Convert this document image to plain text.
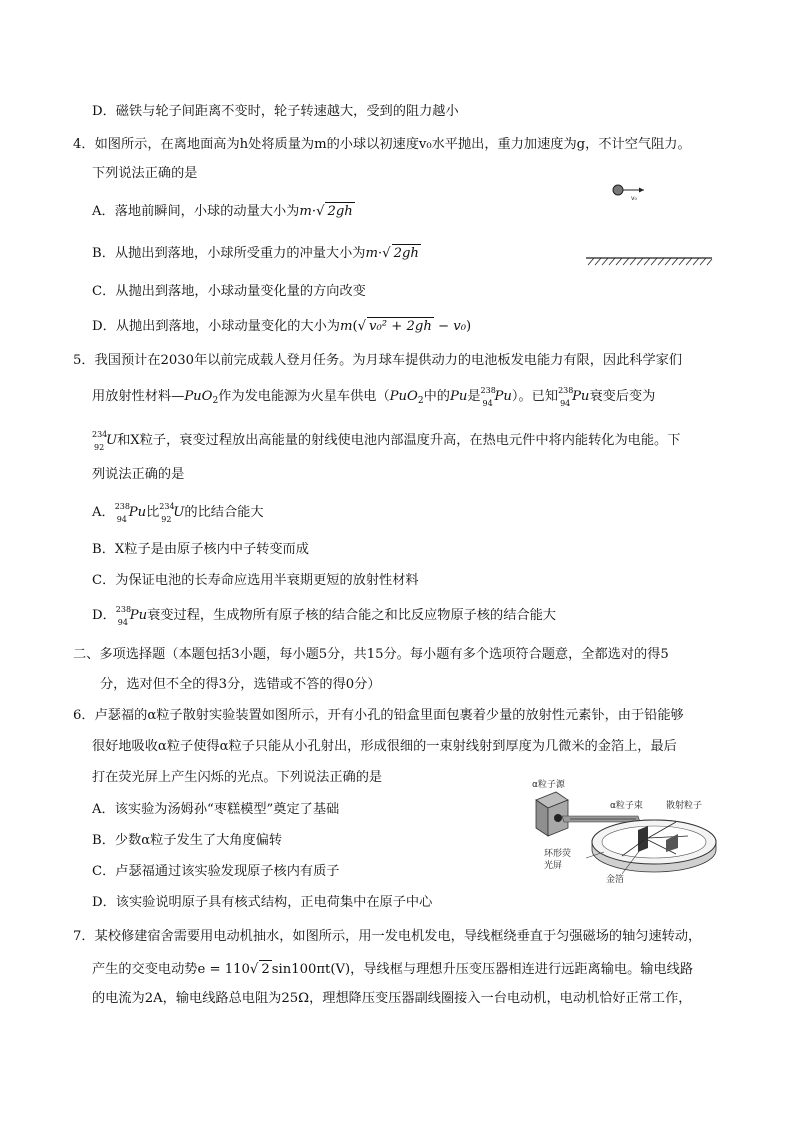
D．磁铁与轮子间距离不变时，轮子转速越大，受到的阻力越小
4．如图所示，在离地面高为h处将质量为m的小球以初速度v₀水平抛出，重力加速度为g，不计空气阻力。
下列说法正确的是
A．落地前瞬间，小球的动量大小为m·√ 2gh
B．从抛出到落地，小球所受重力的冲量大小为m·√ 2gh
C．从抛出到落地，小球动量变化量的方向改变
D．从抛出到落地，小球动量变化的大小为m(√ v₀² + 2gh − v₀)
v₀
5．我国预计在2030年以前完成载人登月任务。为月球车提供动力的电池板发电能力有限，因此科学家们
用放射性材料—PuO$_2$作为发电能源为火星车供电（PuO$_2$中的Pu是 238
94 Pu）。已知 238
94 Pu衰变后变为
234
92 U和X粒子，衰变过程放出高能量的射线使电池内部温度升高，在热电元件中将内能转化为电能。下
列说法正确的是
A． 238
94 Pu比 234
92 U的比结合能大
B．X粒子是由原子核内中子转变而成
C．为保证电池的长寿命应选用半衰期更短的放射性材料
D． 238
94 Pu衰变过程，生成物所有原子核的结合能之和比反应物原子核的结合能大
二、多项选择题（本题包括3小题，每小题5分，共15分。每小题有多个选项符合题意，全都选对的得5
分，选对但不全的得3分，选错或不答的得0分）
6．卢瑟福的α粒子散射实验装置如图所示，开有小孔的铅盒里面包裹着少量的放射性元素钋，由于铅能够
很好地吸收α粒子使得α粒子只能从小孔射出，形成很细的一束射线射到厚度为几微米的金箔上，最后
打在荧光屏上产生闪烁的光点。下列说法正确的是
A．该实验为汤姆孙“枣糕模型”奠定了基础
B．少数α粒子发生了大角度偏转
C．卢瑟福通过该实验发现原子核内有质子
D．该实验说明原子具有核式结构，正电荷集中在原子中心
α粒子源
α粒子束	散射粒子
环形荧
光屏
金箔
7．某校修建宿舍需要用电动机抽水，如图所示，用一发电机发电，导线框绕垂直于匀强磁场的轴匀速转动，
产生的交变电动势e = 110√ 2 sin100πt(V)，导线框与理想升压变压器相连进行远距离输电。输电线路
的电流为2A，输电线路总电阻为25Ω，理想降压变压器副线圈接入一台电动机，电动机恰好正常工作，
